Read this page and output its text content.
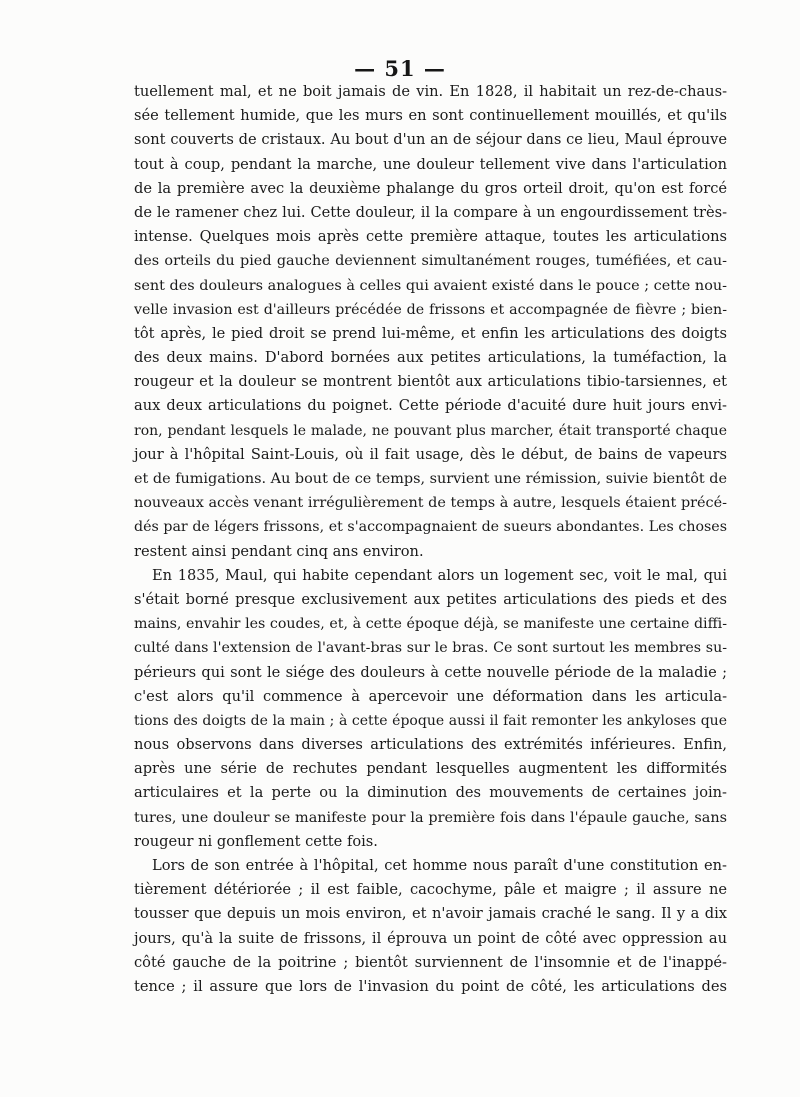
— 51 —
tuellement mal, et ne boit jamais de vin. En 1828, il habitait un rez-de-chaus-
sée tellement humide, que les murs en sont continuellement mouillés, et qu'ils
sont couverts de cristaux. Au bout d'un an de séjour dans ce lieu, Maul éprouve
tout à coup, pendant la marche, une douleur tellement vive dans l'articulation
de la première avec la deuxième phalange du gros orteil droit, qu'on est forcé
de le ramener chez lui. Cette douleur, il la compare à un engourdissement très-
intense. Quelques mois après cette première attaque, toutes les articulations
des orteils du pied gauche deviennent simultanément rouges, tuméfiées, et cau-
sent des douleurs analogues à celles qui avaient existé dans le pouce ; cette nou-
velle invasion est d'ailleurs précédée de frissons et accompagnée de fièvre ; bien-
tôt après, le pied droit se prend lui-même, et enfin les articulations des doigts
des deux mains. D'abord bornées aux petites articulations, la tuméfaction, la
rougeur et la douleur se montrent bientôt aux articulations tibio-tarsiennes, et
aux deux articulations du poignet. Cette période d'acuité dure huit jours envi-
ron, pendant lesquels le malade, ne pouvant plus marcher, était transporté chaque
jour à l'hôpital Saint-Louis, où il fait usage, dès le début, de bains de vapeurs
et de fumigations. Au bout de ce temps, survient une rémission, suivie bientôt de
nouveaux accès venant irrégulièrement de temps à autre, lesquels étaient précé-
dés par de légers frissons, et s'accompagnaient de sueurs abondantes. Les choses
restent ainsi pendant cinq ans environ.
En 1835, Maul, qui habite cependant alors un logement sec, voit le mal, qui
s'était borné presque exclusivement aux petites articulations des pieds et des
mains, envahir les coudes, et, à cette époque déjà, se manifeste une certaine diffi-
culté dans l'extension de l'avant-bras sur le bras. Ce sont surtout les membres su-
périeurs qui sont le siége des douleurs à cette nouvelle période de la maladie ;
c'est alors qu'il commence à apercevoir une déformation dans les articula-
tions des doigts de la main ; à cette époque aussi il fait remonter les ankyloses que
nous observons dans diverses articulations des extrémités inférieures. Enfin,
après une série de rechutes pendant lesquelles augmentent les difformités
articulaires et la perte ou la diminution des mouvements de certaines join-
tures, une douleur se manifeste pour la première fois dans l'épaule gauche, sans
rougeur ni gonflement cette fois.
Lors de son entrée à l'hôpital, cet homme nous paraît d'une constitution en-
tièrement détériorée ; il est faible, cacochyme, pâle et maigre ; il assure ne
tousser que depuis un mois environ, et n'avoir jamais craché le sang. Il y a dix
jours, qu'à la suite de frissons, il éprouva un point de côté avec oppression au
côté gauche de la poitrine ; bientôt surviennent de l'insomnie et de l'inappé-
tence ; il assure que lors de l'invasion du point de côté, les articulations des
